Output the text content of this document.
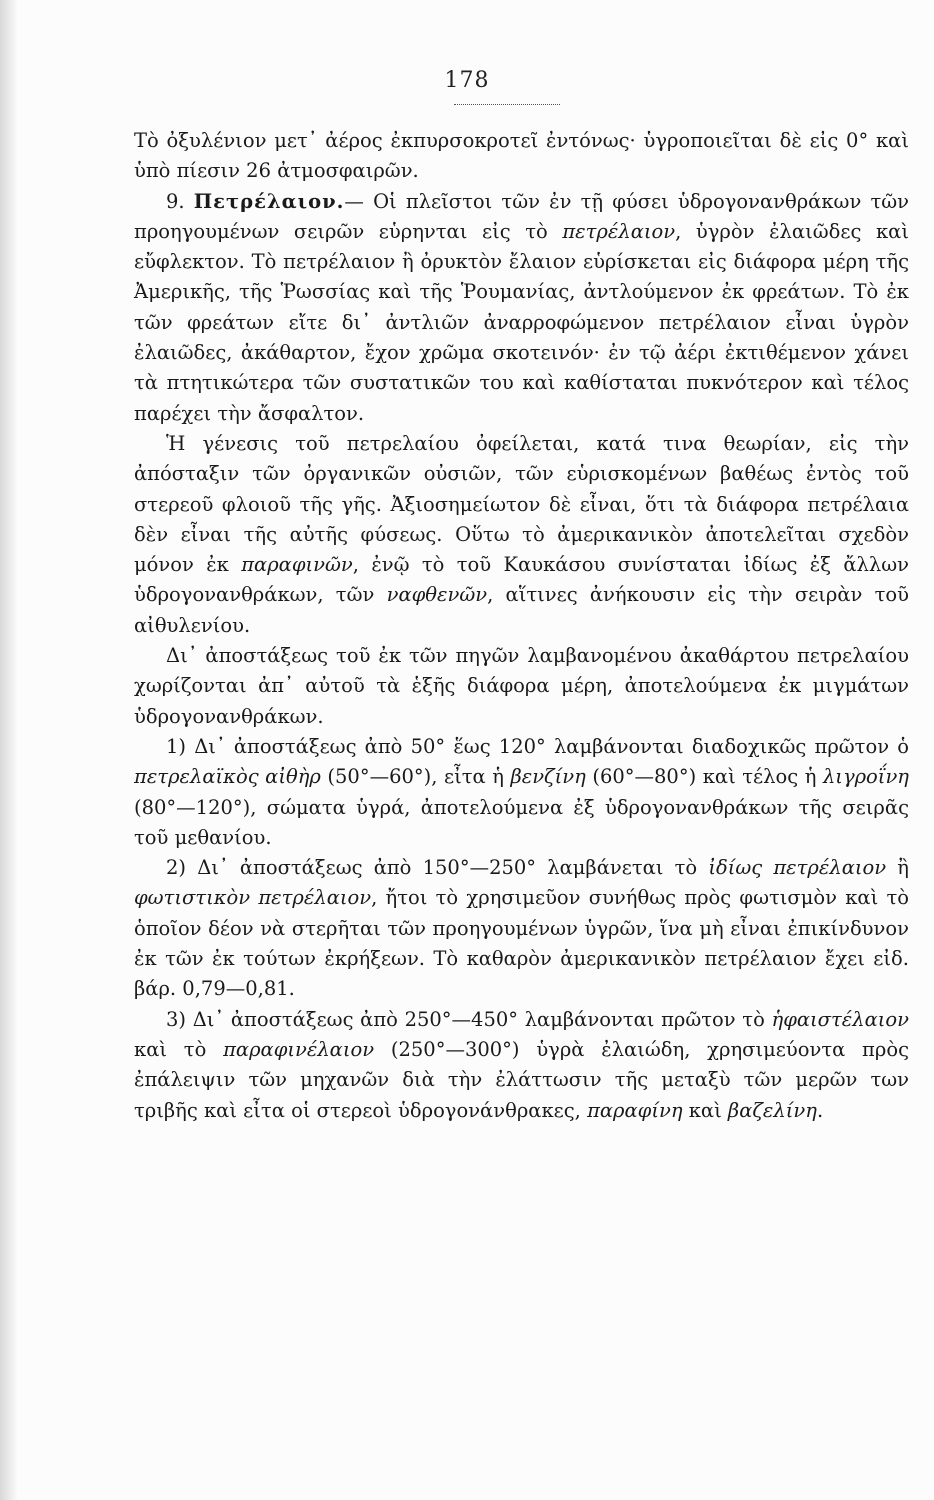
178

Τὸ ὀξυλένιον μετ᾽ ἀέρος ἐκπυρσοκροτεῖ ἐντόνως· ὑγροποιεῖται δὲ εἰς 0° καὶ ὑπὸ πίεσιν 26 ἀτμοσφαιρῶν.

9. Πετρέλαιον.— Οἱ πλεῖστοι τῶν ἐν τῇ φύσει ὑδρογονανθράκων τῶν προηγουμένων σειρῶν εὑρηνται εἰς τὸ πετρέλαιον, ὑγρὸν ἐλαιῶδες καὶ εὔφλεκτον. Τὸ πετρέλαιον ἢ ὀρυκτὸν ἔλαιον εὑρίσκεται εἰς διάφορα μέρη τῆς Ἀμερικῆς, τῆς Ῥωσσίας καὶ τῆς Ῥουμανίας, ἀντλούμενον ἐκ φρεάτων. Τὸ ἐκ τῶν φρεάτων εἴτε δι᾽ ἀντλιῶν ἀναρροφώμενον πετρέλαιον εἶναι ὑγρὸν ἐλαιῶδες, ἀκάθαρτον, ἔχον χρῶμα σκοτεινόν· ἐν τῷ ἀέρι ἐκτιθέμενον χάνει τὰ πτητικώτερα τῶν συστατικῶν του καὶ καθίσταται πυκνότερον καὶ τέλος παρέχει τὴν ἄσφαλτον.

Ἡ γένεσις τοῦ πετρελαίου ὀφείλεται, κατά τινα θεωρίαν, εἰς τὴν ἀπόσταξιν τῶν ὀργανικῶν οὐσιῶν, τῶν εὑρισκομένων βαθέως ἐντὸς τοῦ στερεοῦ φλοιοῦ τῆς γῆς. Ἀξιοσημείωτον δὲ εἶναι, ὅτι τὰ διάφορα πετρέλαια δὲν εἶναι τῆς αὐτῆς φύσεως. Οὕτω τὸ ἀμερικανικὸν ἀποτελεῖται σχεδὸν μόνον ἐκ παραφινῶν, ἐνῷ τὸ τοῦ Καυκάσου συνίσταται ἰδίως ἐξ ἄλλων ὑδρογονανθράκων, τῶν ναφθενῶν, αἵτινες ἀνήκουσιν εἰς τὴν σειρὰν τοῦ αἰθυλενίου.

Δι᾽ ἀποστάξεως τοῦ ἐκ τῶν πηγῶν λαμβανομένου ἀκαθάρτου πετρελαίου χωρίζονται ἀπ᾽ αὐτοῦ τὰ ἑξῆς διάφορα μέρη, ἀποτελούμενα ἐκ μιγμάτων ὑδρογονανθράκων.

1) Δι᾽ ἀποστάξεως ἀπὸ 50° ἕως 120° λαμβάνονται διαδοχικῶς πρῶτον ὁ πετρελαϊκὸς αἰθὴρ (50°—60°), εἶτα ἡ βενζίνη (60°—80°) καὶ τέλος ἡ λιγροΐνη (80°—120°), σώματα ὑγρά, ἀποτελούμενα ἐξ ὑδρογονανθράκων τῆς σειρᾶς τοῦ μεθανίου.

2) Δι᾽ ἀποστάξεως ἀπὸ 150°—250° λαμβάνεται τὸ ἰδίως πετρέλαιον ἢ φωτιστικὸν πετρέλαιον, ἤτοι τὸ χρησιμεῦον συνήθως πρὸς φωτισμὸν καὶ τὸ ὁποῖον δέον νὰ στερῆται τῶν προηγουμένων ὑγρῶν, ἵνα μὴ εἶναι ἐπικίνδυνον ἐκ τῶν ἐκ τούτων ἐκρήξεων. Τὸ καθαρὸν ἀμερικανικὸν πετρέλαιον ἔχει εἰδ. βάρ. 0,79—0,81.

3) Δι᾽ ἀποστάξεως ἀπὸ 250°—450° λαμβάνονται πρῶτον τὸ ἡφαιστέλαιον καὶ τὸ παραφινέλαιον (250°—300°) ὑγρὰ ἐλαιώδη, χρησιμεύοντα πρὸς ἐπάλειψιν τῶν μηχανῶν διὰ τὴν ἐλάττωσιν τῆς μεταξὺ τῶν μερῶν των τριβῆς καὶ εἶτα οἱ στερεοὶ ὑδρογονάνθρακες, παραφίνη καὶ βαζελίνη.
